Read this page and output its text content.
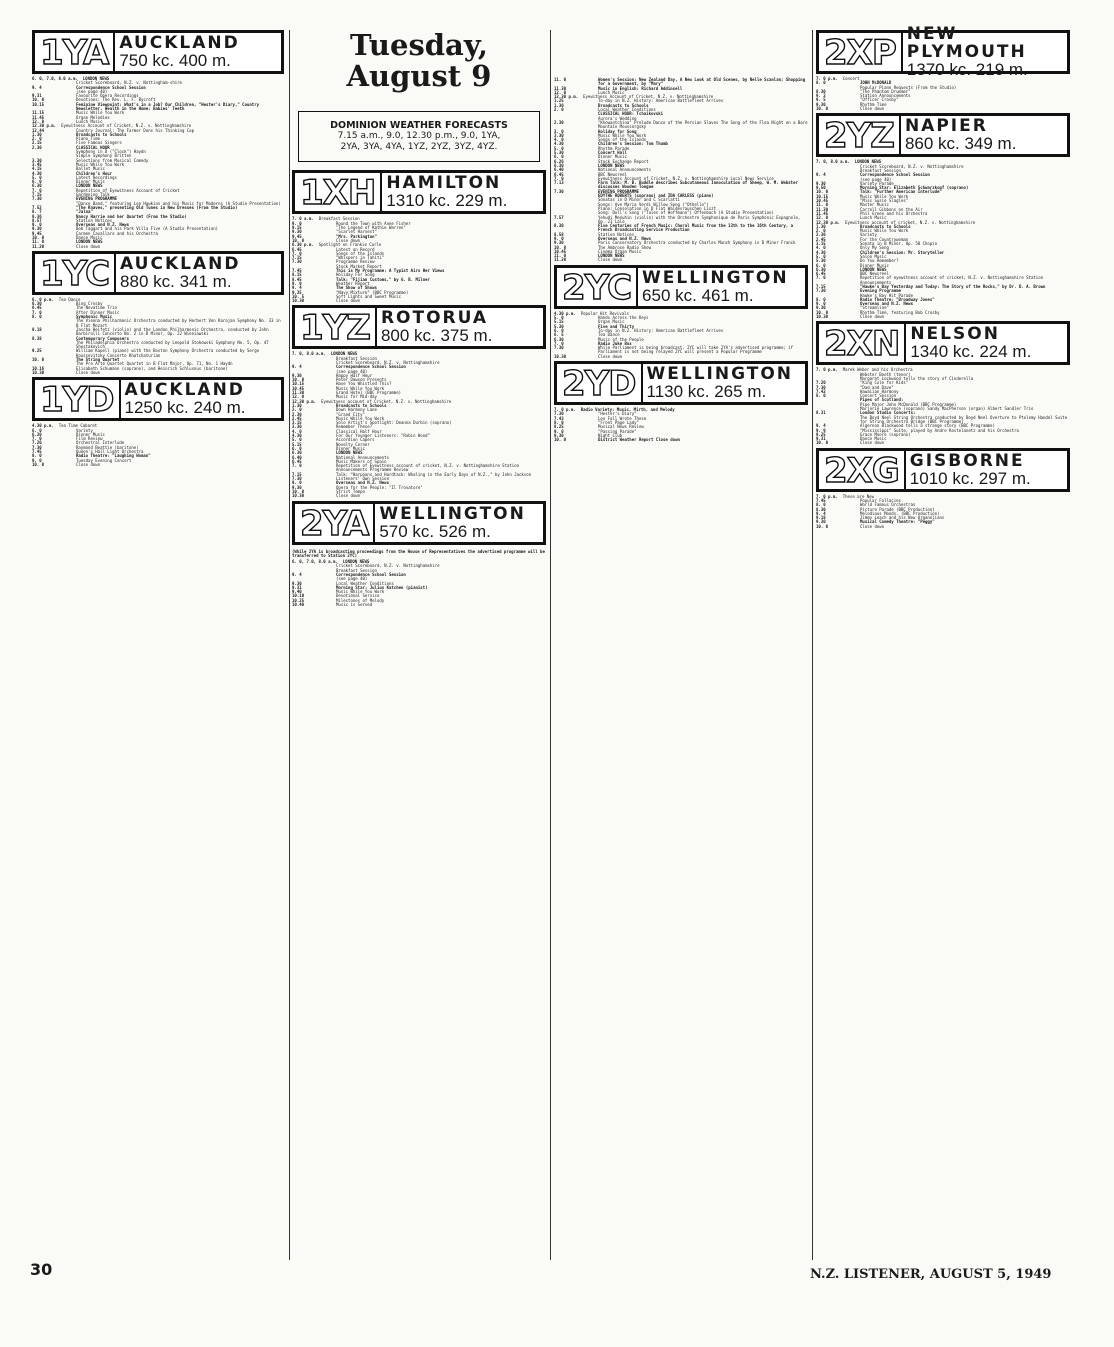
1YA AUCKLAND
750 kc. 400 m.
6. 0, 7.0, 8.0 a.m. LONDON NEWS
Cricket Scoreboard, N.Z. v. Nottingham-shire
9. 4	Correspondence School Session
(see page 40)
9.31	Favourite Opera Recordings
10. 0	Devotions: The Rev. L. F. Bycroft
10.15	Feminine Viewpoint: What's in a Job? Our Children, "Hester's Diary," Country Newsletter, Health in the Home: Babies' Teeth
11.15	Music While You Work
11.45	Organ Melodies
12. 0	Lunch Music
12.30 p.m. Eyewitness Account of Cricket, N.Z. v. Nottinghamshire
12.44	Country Journal: The Farmer Dons his Thinking Cap
1.30	Broadcasts to Schools
2. 0	Piano Time
2.15	Five Famous Singers
2.30	CLASSICAL HOUR
Symphony in D ("Clock") Haydn
Simple Symphony Britten
3.30	Selections from Musical Comedy
3.45	Music While You Work
4.15	Ballet Music
4.30	Children's Hour
5. 0	Latest Recordings
6. 0	Dinner Music
6.30	LONDON NEWS
7. 0	Repetition of Eyewitness Account of Cricket
7.15	Gardening Talk
7.30	EVENING PROGRAMME
"Dance Band," featuring Len Hawkins and his Music for Moderns (A Studio Presentation)
7.52	"The Knaves," presenting Old Tunes in New Dresses (From the Studio)
8. 7	"Jalna"
8.36	Nancy Harrie and her Quartet (From the Studio)
8.57	Station Notices
9. 0	Overseas and N.Z. News
9.30	Bob Taggart and his Park Villa Five (A Studio Presentation)
9.45	Carmen Cavallaro and his Orchestra
10. 0	Dance Music
11. 0	LONDON NEWS
11.20	Close down
1YC AUCKLAND
880 kc. 341 m.
6. 0 p.m. Tea Dance
6.30	Bing Crosby
6.45	The Novatime Trio
7. 0	After Dinner Music
8. 0	Symphonic Music
The Vienna Philharmonic Orchestra conducted by Herbert Von Karajan Symphony No. 33 in B Flat Mozart
8.18	Jascha Heifetz (violin) and the London Philharmonic Orchestra, conducted by John Barbirolli Concerto No. 2 in D Minor, Op. 22 Wieniawski
8.38	Contemporary Composers
The Philadelphia Orchestra conducted by Leopold Stokowski Symphony No. 5, Op. 47 Shostakovich
9.25	William Kapell (piano) with the Boston Symphony Orchestra conducted by Serge Koussevitzky Concerto Khatchaturian
10. 0	The String Quartet
The Pro Arte Quartet Quartet in B Flat Major, Op. 71, No. 1 Haydn
10.16	Elisabeth Schumann (soprano), and Heinrich Schlusnus (baritone)
10.30	Close down
1YD AUCKLAND
1250 kc. 240 m.
4.30 p.m. Tea Time Cabaret
6. 0	Variety
6.20	Dinner Music
7. 0	Film Review
7.20	Orchestral Interlude
7.30	Raymond Beattie (baritone)
7.45	Queen's Hall Light Orchestra
8. 0	Radio Theatre: "Laughing Woman"
9. 0	Tuesday Evening Concert
10. 0	Close down
Tuesday, August 9
DOMINION WEATHER FORECASTS
7.15 a.m., 9.0, 12.30 p.m., 9.0, 1YA,
2YA, 3YA, 4YA, 1YZ, 2YZ, 3YZ, 4YZ.
1XH HAMILTON
1310 kc. 229 m.
7. 0 a.m. Breakfast Session
9. 0	Round the Town with Anne Fisher
9.15	"The Legend of Kathie Warren"
9.30	"Scarlet Harvest"
9.45	"Mrs. Parkington"
10. 0	Close down
6.30 p.m. Spotlight on Frankie Carle
6.45	Latest on Record
7. 0	Songs of the Islands
7.15	"Whispers in Tahiti"
7.30	Programme Review
Stock Market Report
7.45	This is My Programme: A Typist Airs Her Views
8.15	Holiday For Song
8.45	Talk: "Fijian Customs," by G. B. Milner
9. 0	Weather Report
9. 4	The Show of Shows
9.35	"Navy Mixture" (BBC Programme)
10. 5	Soft Lights and Sweet Music
10.30	Close down
1YZ ROTORUA
800 kc. 375 m.
7. 0, 8.0 a.m. LONDON NEWS
Breakfast Session
Cricket Scoreboard, N.Z. v. Nottinghamshire
9. 4	Correspondence School Session
(see page 40)
9.30	Happy Half Hour
10. 0	Peter Dawson Presents
10.15	Have You Whistled This?
10.45	Music While You Work
11.30	Grand Hotel (BBC Programme)
12. 0	Music for Mid-day
12.30 p.m. Eyewitness account of Cricket, N.Z. v. Nottinghamshire
1.30	Broadcasts to Schools
2. 0	Down Harmony Lane
2.30	"Grand City"
2.45	Music While You Work
3.15	Solo Artist's Spotlight: Deanna Durbin (soprano)
3.30	Remember These?
4. 0	Classical Half Hour
4.30	For Our Younger Listeners: "Robin Hood"
5. 0	Accordion Capers
5.15	Novelty Corner
6. 0	Dinner Music
6.30	LONDON NEWS
6.40	National Announcements
6.45	Music Makers of Spain
7. 0	Repetition of Eyewitness account of cricket, N.Z. v. Nottinghamshire Station Announcements Programme Review
7.15	Talk: "Harpoons and Hardtack: Whaling in the Early Days of N.Z.," by John Jackson
7.30	Listeners' Own Session
9. 0	Overseas and N.Z. News
9.30	Opera for the People: "Il Trovatore"
10. 0	Strict Tempo
10.30	Close down
2YA WELLINGTON
570 kc. 526 m.
(While 2YA is broadcasting proceedings from the House of Representatives the advertised programme will be transferred to Station 2YC)
6. 0, 7.0, 8.0 a.m. LONDON NEWS
Cricket Scoreboard, N.Z. v. Nottinghamshire
Breakfast Session
9. 4	Correspondence School Session
(see page 40)
9.30	Local Weather Conditions
9.31	Morning Star: Julius Katchen (pianist)
9.40	Music While You Work
10.10	Devotional Service
10.25	Milestones of Melody
10.40	Music is Served
11. 0	Women's Session: New Zealand Day, A New Look at Old Scenes, by Nelle Scanlan; Shopping for a Government, by "Mary"
11.30	Music in English: Richard Addinsell
12. 0	Lunch Music
12.30 p.m. Eyewitness Account of Cricket, N.Z. v. Nottinghamshire
1.25	To-day in N.Z. History: American Battlefleet Arrives
1.30	Broadcasts to Schools
2. 0	Local Weather Conditions
CLASSICAL HOUR: Tchaikovski
Aurora's Wedding
2.30	"Khowantchina" Prelude Dance of the Persian Slaves The Song of the Flea Night on a Bare Mountain Moussorgsky
3. 0	Holiday for Song
3.30	Music While You Work
4. 0	Songs of the Islands
4.30	Children's Session: Tom Thumb
5. 0	Rhythm Parade
5.30	Concert Hall
6. 0	Dinner Music
6.26	Stock Exchange Report
6.30	LONDON NEWS
6.40	National Announcements
6.45	BBC Newsreel
7. 0	Eyewitness Account of Cricket, N.Z. v. Nottinghamshire Local News Service
7.13	Farm Talk: M. B. Buddle describes Subcutaneous Innoculation of Sheep, W. M. Webster discusses Wooden Tongue
7.30	EVENING PROGRAMME
EDYTHE ROBERTS (soprano) and IDA CARLESS (piano)
Sonatas in D Minor and C Scarlatti
Songs: Ave Maria Verdi Willow Song ("Othello")
Piano: Consolation in D Flat Waldesrauschen Liszt
Song: Doll's Song ("Tales of Hoffmann") Offenbach (A Studio Presentation)
7.57	Yehudi Menuhin (violin) with the Orchestre Symphonique de Paris Symphonic Espagnole, Op. 21 Lalo
8.30	Five Centuries of French Music: Choral Music from the 13th to the 16th Century, a French Broadcasting Service Production
8.58	Station Notices
9. 0	Overseas and N.Z. News
9.30	Paris Conservatory Orchestra conducted by Charles Munch Symphony in D Minor Franck
10. 8	The Ambrose Radio Show
10.45	Cinema Organ Music
11. 0	LONDON NEWS
11.20	Close down
2YC WELLINGTON
650 kc. 461 m.
4.30 p.m. Popular Hit Revivals
5. 0	Hands Across the Keys
5.15	Organ Music
5.30	Five and Thirty
6. 0	To-day in N.Z. History: American Battlefleet Arrives
6. 5	Tea Dance
6.30	Music of the People
7. 0	Radio Juke Box
7.30	While Parliament is being broadcast, 2YC will take 2YA's advertised programme; if Parliament is not being relayed 2YC will present a Popular Programme
10.30	Close down
2YD WELLINGTON
1130 kc. 265 m.
7. 0 p.m. Radio Variety: Music, Mirth, and Melody
7.30	"Hester's Diary"
7.43	Leo Fall Wrote These
8. 0	"Front Page Lady"
8.25	Musical News Review
9. 0	"Passing Parade"
9.30	Night Club
10. 0	District Weather Report Close down
2XP NEW PLYMOUTH
1370 kc. 219 m.
7. 0 p.m. Concert
8. 0	JOHN McDONALD
Popular Piano Requests (From the Studio)
8.30	"The Phantom Drummer"
9. 2	Station Announcements
9. 5	"Officer Crosby"
9.30	Rhythm Time
10. 0	Close down
2YZ NAPIER
860 kc. 349 m.
7. 0, 8.0 a.m. LONDON NEWS
Cricket Scoreboard, N.Z. v. Nottinghamshire
Breakfast Session
9. 4	Correspondence School Session
(see page 40)
9.30	Variety Parade
9.50	Morning Star: Elizabeth Schwarzkopf (soprano)
10. 0	Talk: "Further American Interlude"
10.15	Music While You Work
10.45	"Miss Susie Slagles"
11. 0	Master Music
11.30	Carroll Gibbons on the Air
11.45	Phil Green and his Orchestra
12. 0	Lunch Music
12.30 p.m. Eyewitness account of cricket, N.Z. v. Nottinghamshire
1.30	Broadcasts to Schools
2. 0	Music While You Work
2.30	Variety
2.45	For the Countrywoman
3.15	Sonata in B Minor, Op. 58 Chopin
4. 0	Only My Song
4.30	Children's Session: Mr. Storyteller
5. 0	Salon Music
5.30	Do You Remember?
6. 0	Dinner Music
6.30	LONDON NEWS
6.45	BBC Newsreel
7. 0	Repetition of eyewitness account of cricket, N.Z. v. Nottinghamshire Station Announcements
7.15	"Hawke's Bay Yesterday and Today: The Story of the Rocks," by Dr. D. A. Brown
7.30	Evening Programme
Hawke's Bay Hit Parade
8. 0	Radio Theatre: "Broadway Jones"
9. 0	Overseas and N.Z. News
9.30	"Streamline"
10. 0	Rhythm Time, featuring Bob Crosby
10.30	Close down
2XN NELSON
1340 kc. 224 m.
7. 0 p.m. Marek Weber and his Orchestra
Webster Booth (tenor)
Margaret Lockwood tells the story of Cinderella
7.20	"King Cole for Kids"
7.30	"Dad and Dave"
7.42	Hawaiian Harmony
8. 0	Concert Session
Pipes of Scotland:
Pipe Major John McDonald (BBC Programme)
Marjorie Lawrence (soprano) Sandy MacPherson (organ) Albert Sandler Trio
8.31	London Studio Concerts:
The Boyd Neel String Orchestra conducted by Boyd Neel Overture to Ptolemy Handel Suite for String Orchestra Bridge (BBC Programme)
9. 4	Algernon Blackwood tells a strange story (BBC Programme)
9. 9	"Mississippi" Suite, played by Andre Kostelanetz and his Orchestra
9.25	Grace Moore (soprano)
9.31	Dance Music
10. 0	Close down
2XG GISBORNE
1010 kc. 297 m.
7. 0 p.m. These are New
7.45	Popular Fallacies
8. 0	World Famous Orchestras
8.30	Picture Parade (BBC Production)
9. 4	Melodious Moods. (BBC Production)
9.18	Jimmy Leach and his New Organolians
9.30	Musical Comedy Theatre: "Peggy"
10. 0	Close down
30	N.Z. LISTENER, AUGUST 5, 1949
